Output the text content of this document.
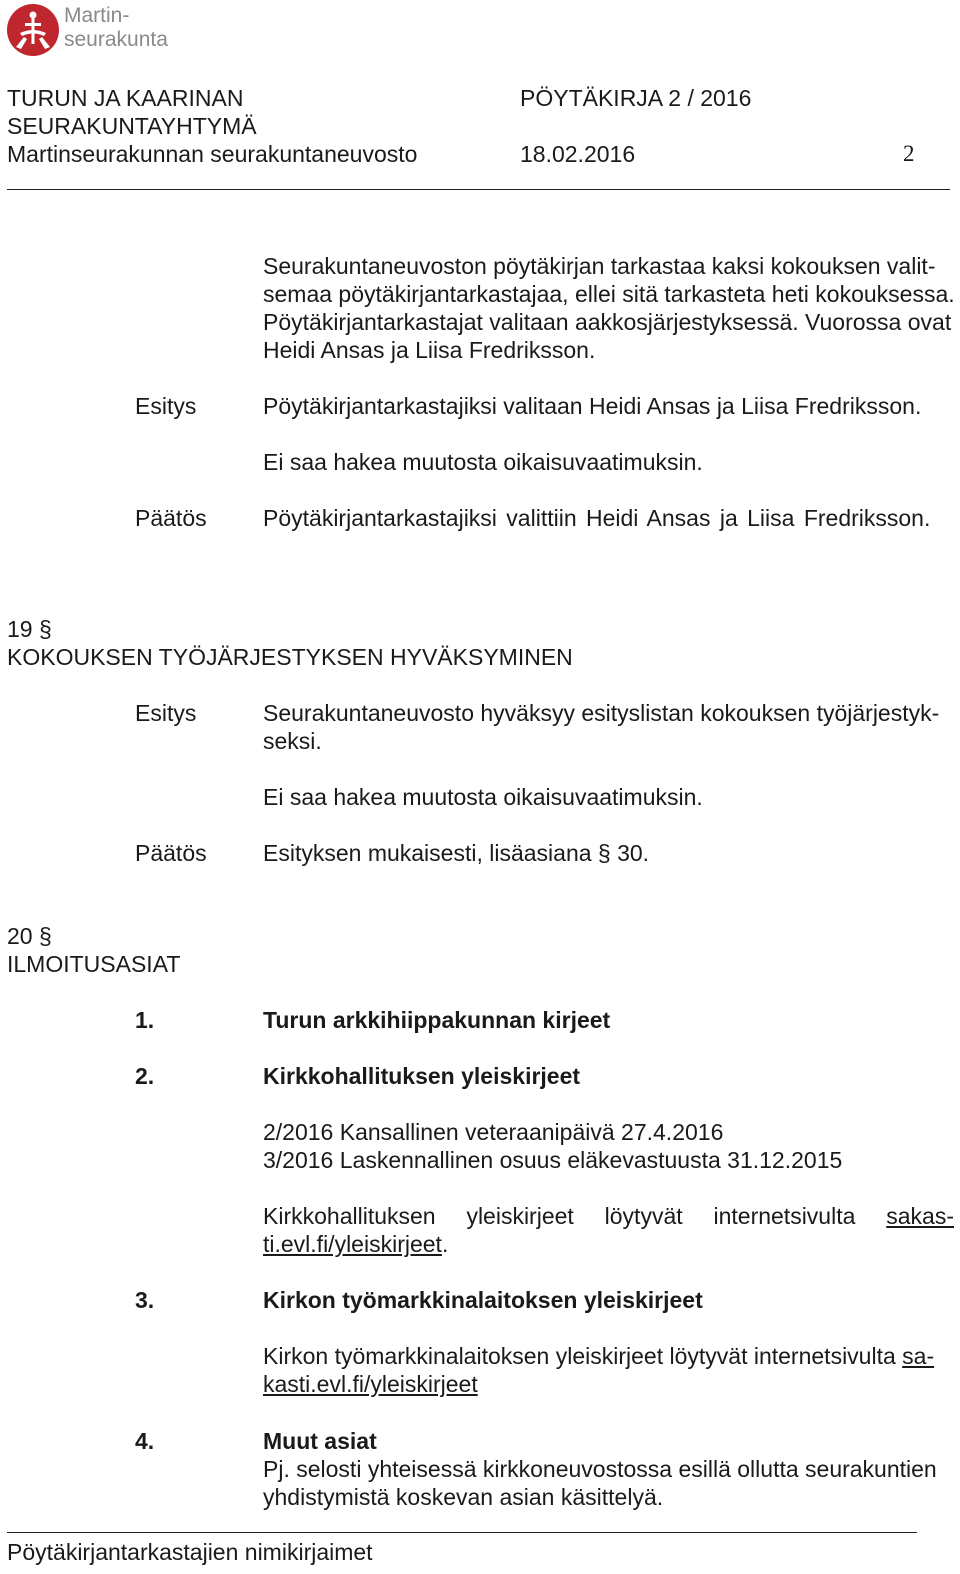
Martin-
seurakunta
TURUN JA KAARINAN
SEURAKUNTAYHTYMÄ
Martinseurakunnan seurakuntaneuvosto
PÖYTÄKIRJA 2 / 2016
18.02.2016	2

Seurakuntaneuvoston pöytäkirjan tarkastaa kaksi kokouksen valit-

semaa pöytäkirjantarkastajaa, ellei sitä tarkasteta heti kokouksessa.

Pöytäkirjantarkastajat valitaan aakkosjärjestyksessä. Vuorossa ovat

Heidi Ansas ja Liisa Fredriksson.

Esitys	Pöytäkirjantarkastajiksi valitaan Heidi Ansas ja Liisa Fredriksson.

Ei saa hakea muutosta oikaisuvaatimuksin.

Päätös Pöytäkirjantarkastajiksi valittiin Heidi Ansas ja Liisa Fredriksson.

19 §
KOKOUKSEN TYÖJÄRJESTYKSEN HYVÄKSYMINEN
Esitys	Seurakuntaneuvosto hyväksyy esityslistan kokouksen työjärjestyk-

seksi.

Ei saa hakea muutosta oikaisuvaatimuksin.

Päätös Esityksen mukaisesti, lisäasiana § 30.

20 §
ILMOITUSASIAT
1.	Turun arkkihiippakunnan kirjeet
2.	Kirkkohallituksen yleiskirjeet

2/2016 Kansallinen veteraanipäivä 27.4.2016

3/2016 Laskennallinen osuus eläkevastuusta 31.12.2015

Kirkkohallituksen yleiskirjeet löytyvät internetsivulta sakas-

ti.evl.fi/yleiskirjeet.

3.	Kirkon työmarkkinalaitoksen yleiskirjeet

Kirkon työmarkkinalaitoksen yleiskirjeet löytyvät internetsivulta sa-

kasti.evl.fi/yleiskirjeet

4.	Muut asiat

Pj. selosti yhteisessä kirkkoneuvostossa esillä ollutta seurakuntien

yhdistymistä koskevan asian käsittelyä.

Pöytäkirjantarkastajien nimikirjaimet
